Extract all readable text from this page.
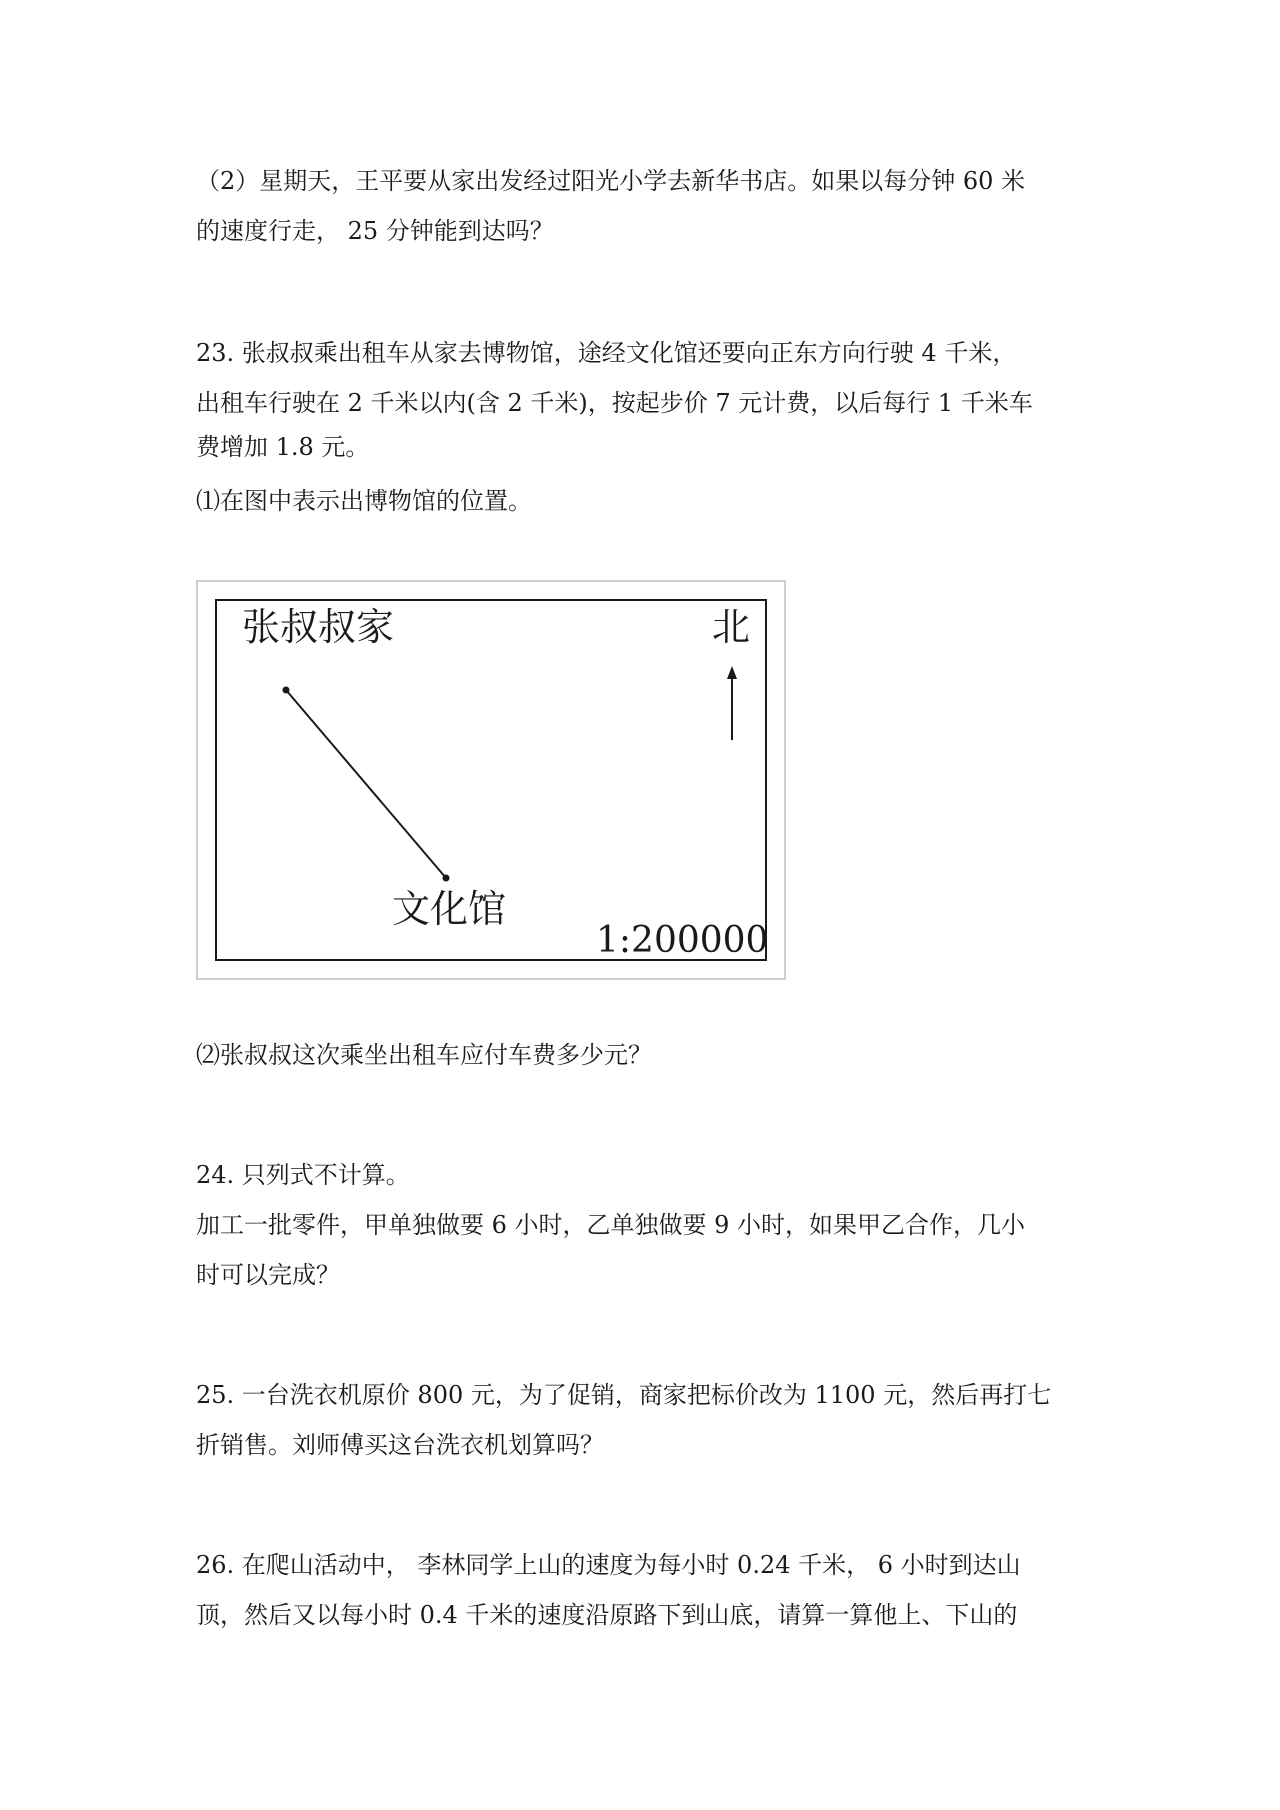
（2）星期天，王平要从家出发经过阳光小学去新华书店。如果以每分钟 60 米
的速度行走， 25 分钟能到达吗？
23. 张叔叔乘出租车从家去博物馆，途经文化馆还要向正东方向行驶 4 千米，
出租车行驶在 2 千米以内(含 2 千米)，按起步价 7 元计费，以后每行 1 千米车
费增加 1.8 元。
⑴在图中表示出博物馆的位置。
张叔叔家	北
文化馆
1:200000
⑵张叔叔这次乘坐出租车应付车费多少元？
24. 只列式不计算。
加工一批零件，甲单独做要 6 小时，乙单独做要 9 小时，如果甲乙合作，几小
时可以完成？
25. 一台洗衣机原价 800 元，为了促销，商家把标价改为 1100 元，然后再打七
折销售。刘师傅买这台洗衣机划算吗？
26. 在爬山活动中， 李林同学上山的速度为每小时 0.24 千米， 6 小时到达山
顶，然后又以每小时 0.4 千米的速度沿原路下到山底，请算一算他上、下山的
